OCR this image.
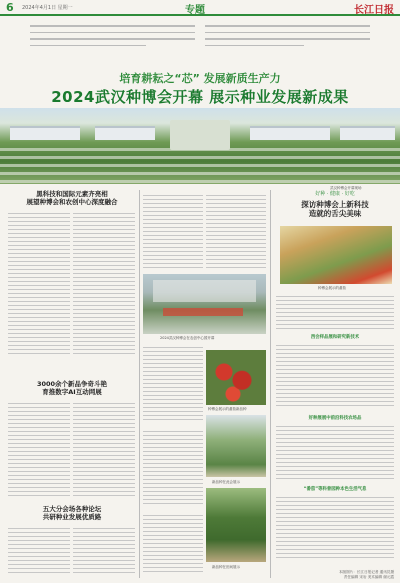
6 2024年4月1日 星期一	专题	长江日报
培育耕耘之“芯” 发展新质生产力
2024武汉种博会开幕 展示种业发展新成果
武汉种博会开幕现场
黑科技和国际元素齐亮相
展望种博会和农创中心深度融合
3000余个新品争奇斗艳
育推数字AI互动网展
五大分会场各种论坛
共研种业发展优质路
2024武汉种博会在农创中心园开幕
种博会展示的番茄新品种
新品种在此会展示
新品种在田间展示
好种 · 健康 · 好吃
探访种博会上新科技
造就的舌尖美味
种博会展示的番茄
西会样品展和研究新技术
好种展展中前沿科技农场品
“番茄”等科普园种本色生活气息
本版图片：长江日报记者 通讯员摄
责任编辑 宋岩 美术编辑 谢元霞
